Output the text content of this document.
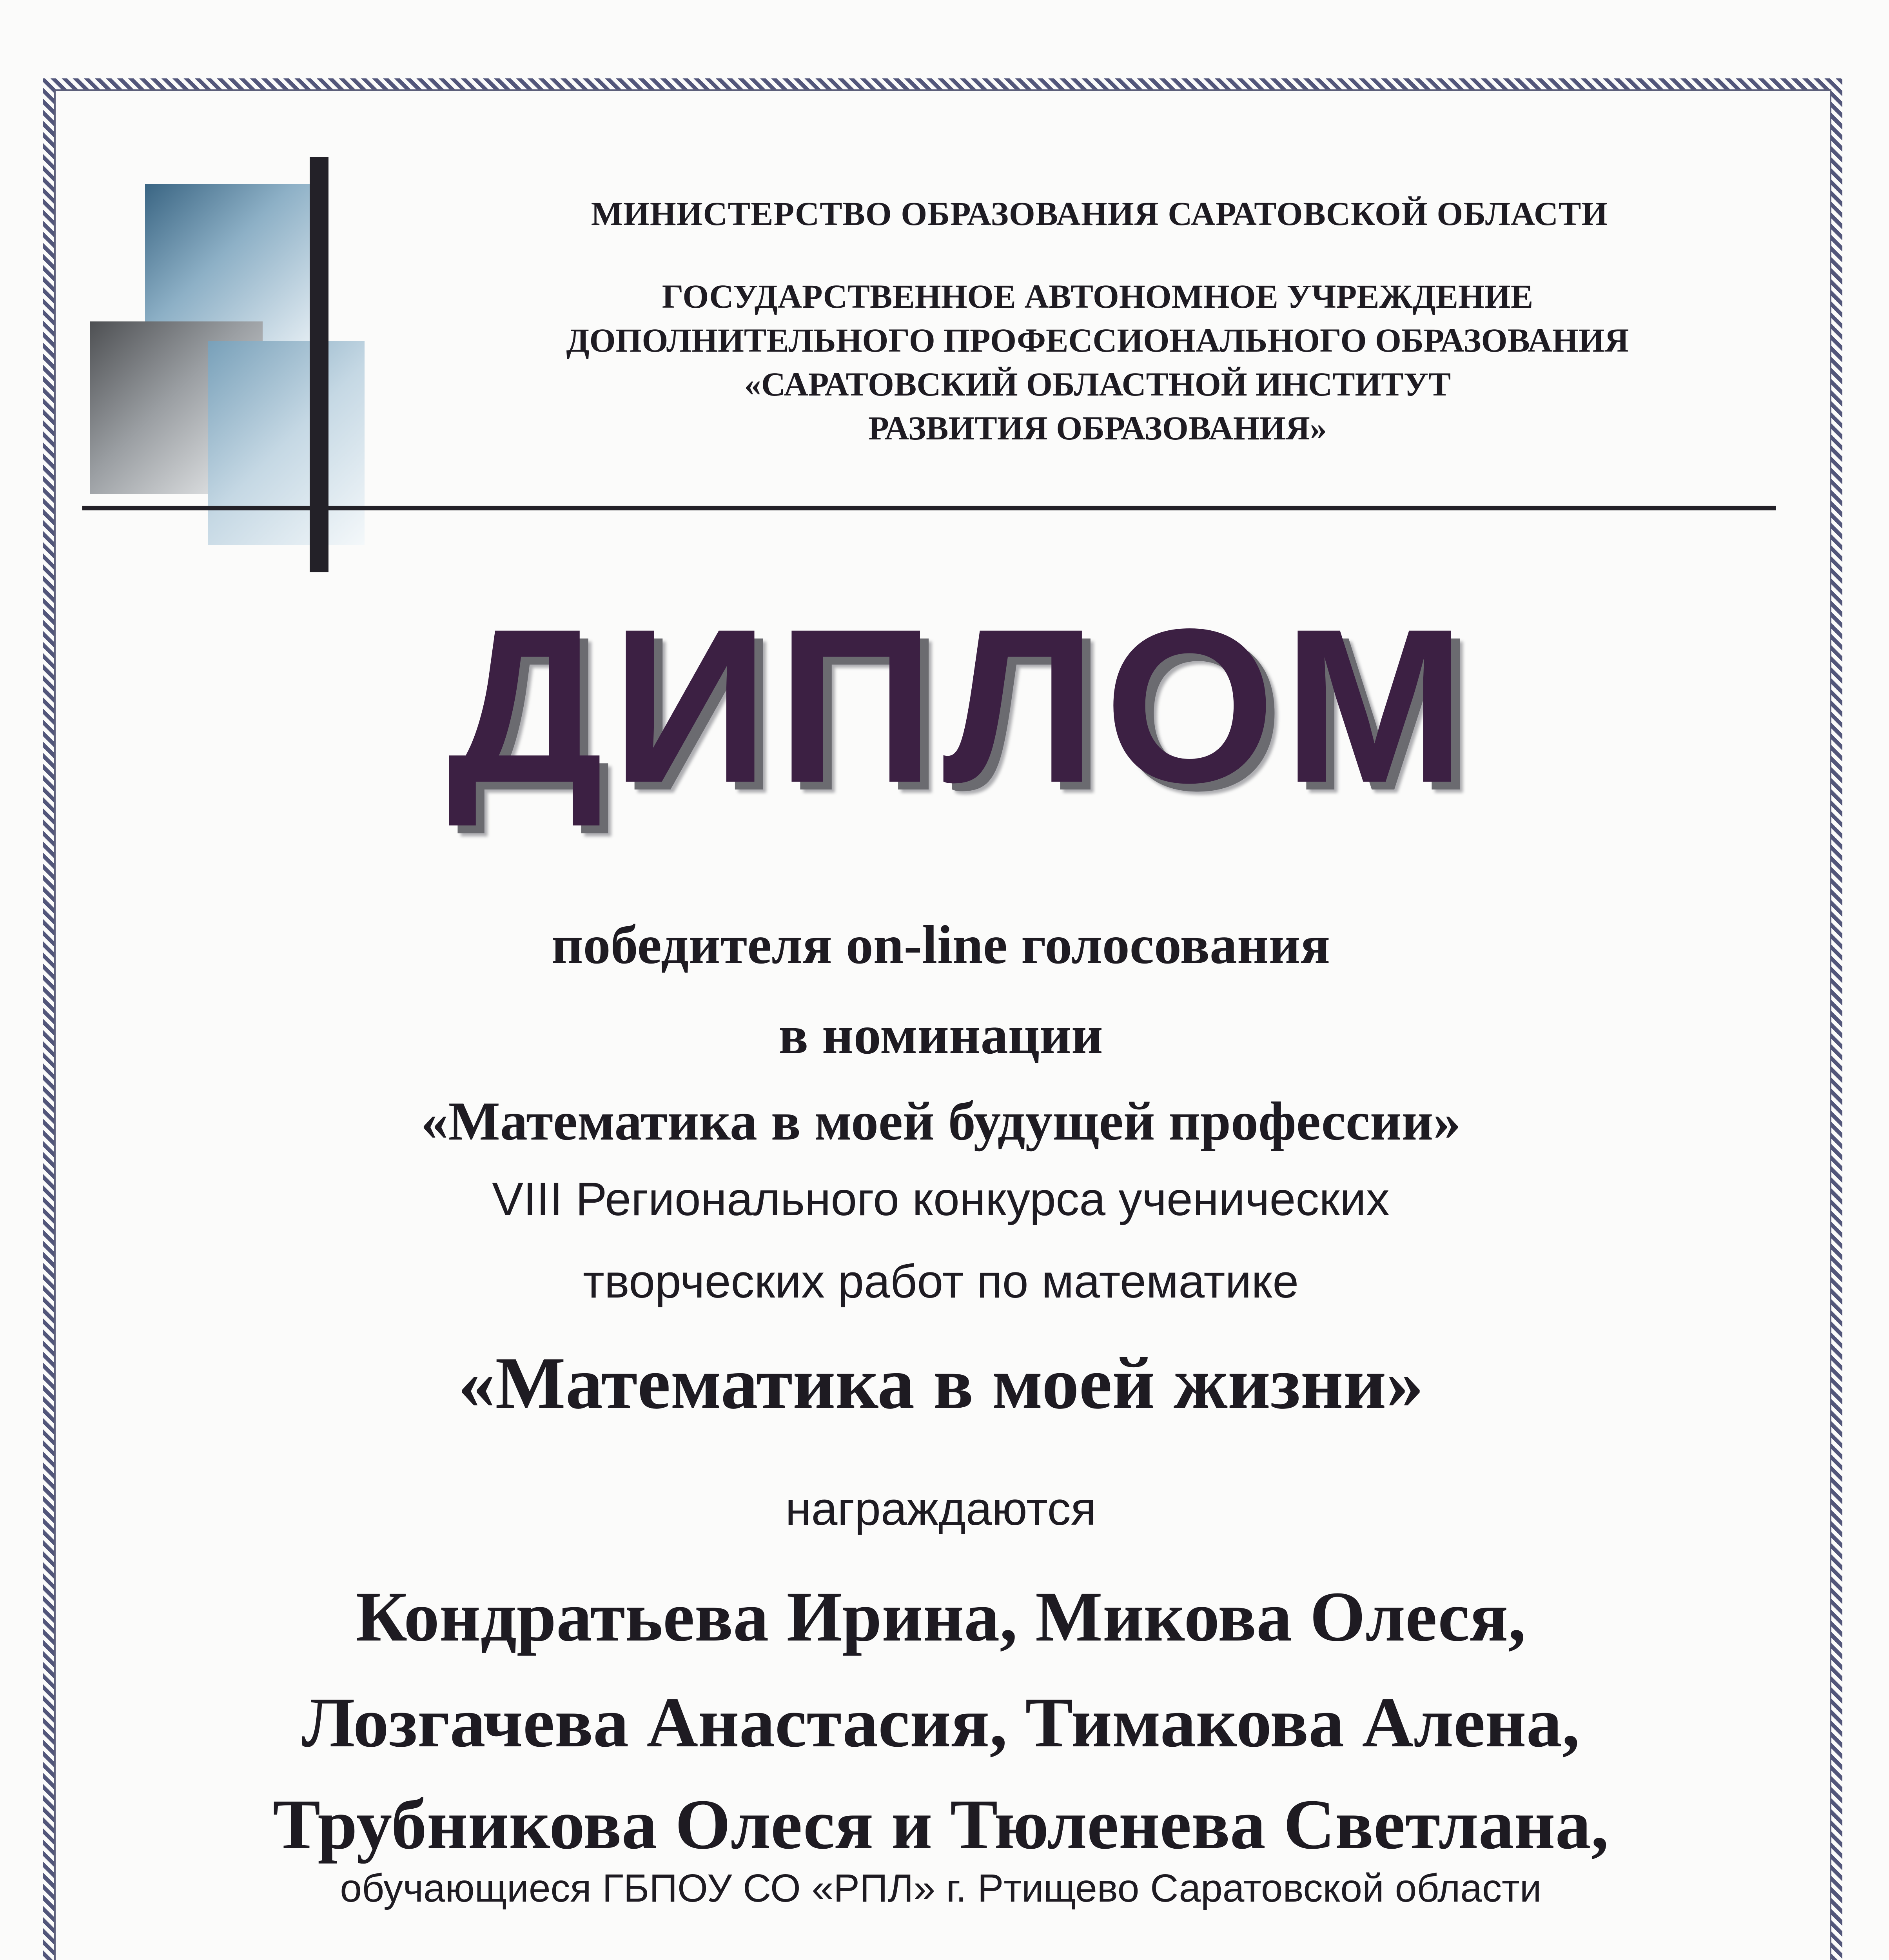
МИНИСТЕРСТВО ОБРАЗОВАНИЯ САРАТОВСКОЙ ОБЛАСТИ
ГОСУДАРСТВЕННОЕ АВТОНОМНОЕ УЧРЕЖДЕНИЕ
ДОПОЛНИТЕЛЬНОГО ПРОФЕССИОНАЛЬНОГО ОБРАЗОВАНИЯ
«САРАТОВСКИЙ ОБЛАСТНОЙ ИНСТИТУТ
РАЗВИТИЯ ОБРАЗОВАНИЯ»
ДИПЛОМ
победителя on-line голосования
в номинации
«Математика в моей будущей профессии»
VIII Регионального конкурса ученических
творческих работ по математике
«Математика в моей жизни»
награждаются
Кондратьева Ирина, Микова Олеся,
Лозгачева Анастасия, Тимакова Алена,
Трубникова Олеся и Тюленева Светлана,
обучающиеся ГБПОУ СО «РПЛ» г. Ртищево Саратовской области
